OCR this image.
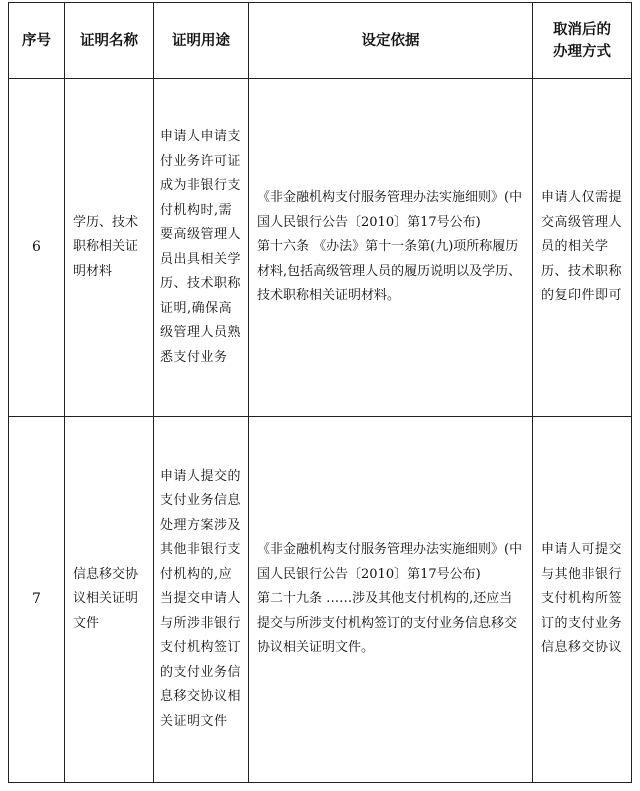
序号	证明名称	证明用途	设定依据	取消后的办理方式

6	学历、技术职称相关证明材料	申请人申请支付业务许可证成为非银行支付机构时,需要高级管理人员出具相关学历、技术职称证明,确保高级管理人员熟悉支付业务	《非金融机构支付服务管理办法实施细则》(中国人民银行公告〔2010〕第17号公布)
第十六条 《办法》第十一条第(九)项所称履历材料,包括高级管理人员的履历说明以及学历、技术职称相关证明材料。	申请人仅需提交高级管理人员的相关学历、技术职称的复印件即可

7	信息移交协议相关证明文件	申请人提交的支付业务信息处理方案涉及其他非银行支付机构的,应当提交申请人与所涉非银行支付机构签订的支付业务信息移交协议相关证明文件	《非金融机构支付服务管理办法实施细则》(中国人民银行公告〔2010〕第17号公布)
第二十九条 ……涉及其他支付机构的,还应当提交与所涉支付机构签订的支付业务信息移交协议相关证明文件。	申请人可提交与其他非银行支付机构所签订的支付业务信息移交协议
